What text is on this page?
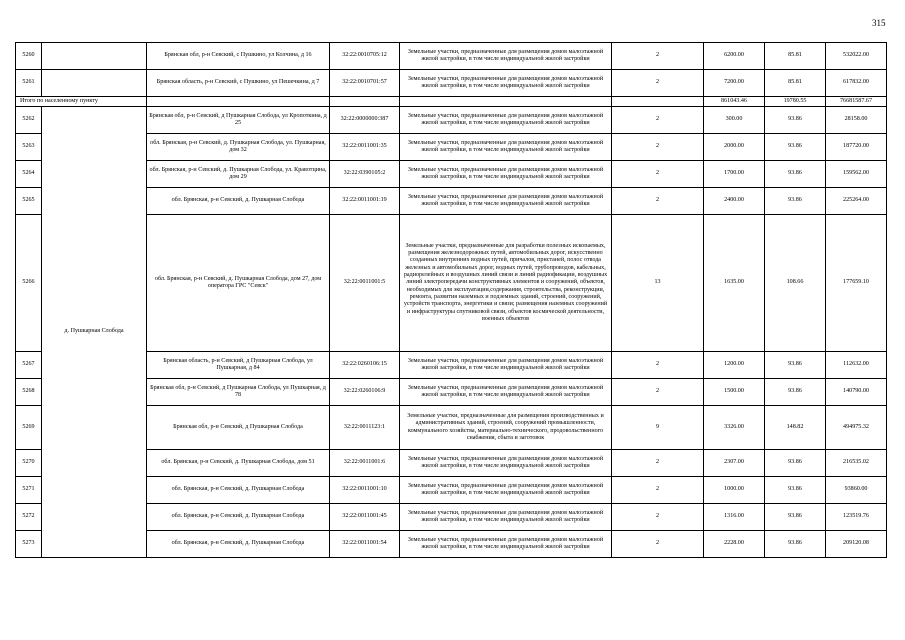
315
5260		Брянская обл, р-н Севский, с Пушкино, ул Колчина, д 16	32:22:0010705:12	Земельные участки, предназначенные для размещения домов малоэтажной жилой застройки, в том числе индивидуальной жилой застройки	2	6200.00	85.81	532022.00
5261		Брянская область, р-н Севский, с Пушкино, ул Пешечкина, д 7	32:22:0010701:57	Земельные участки, предназначенные для размещения домов малоэтажной жилой застройки, в том числе индивидуальной жилой застройки	2	7200.00	85.81	617832.00
Итого по населенному пункту						861043.46	19780.55	76681587.67
5262	д. Пушкарная Слобода	Брянская обл, р-н Севский, д Пушкарная Слобода, ул Кропоткина, д 25	32:22:0000000:387	Земельные участки, предназначенные для размещения домов малоэтажной жилой застройки, в том числе индивидуальной жилой застройки	2	300.00	93.86	28158.00
5263		обл. Брянская, р-н Севский, д. Пушкарная Слобода, ул. Пушкарная, дом 32	32:22:0011001:35	Земельные участки, предназначенные для размещения домов малоэтажной жилой застройки, в том числе индивидуальной жилой застройки	2	2000.00	93.86	187720.00
5264		обл. Брянская, р-н Севский, д. Пушкарная Слобода, ул. Кравотцина, дом 29	32:22:0390105:2	Земельные участки, предназначенные для размещения домов малоэтажной жилой застройки, в том числе индивидуальной жилой застройки	2	1700.00	93.86	159562.00
5265		обл. Брянская, р-н Севский, д. Пушкарная Слобода	32:22:0011001:19	Земельные участки, предназначенные для размещения домов малоэтажной жилой застройки, в том числе индивидуальной жилой застройки	2	2400.00	93.86	225264.00
5266		обл. Брянская, р-н Севский, д. Пушкарная Слобода, дом 27, дом оператора ГРС "Севск"	32:22:0011001:5	Земельные участки, предназначенные для разработки полезных ископаемых, размещения железнодорожных путей, автомобильных дорог, искусственно созданных внутренних водных путей, причалов, пристаней, полос отвода железных и автомобильных дорог, водных путей, трубопроводов, кабельных, радиорелейных и воздушных линий связи и линий радиофикации, воздушных линий электропередачи конструктивных элементов и сооружений, объектов, необходимых для эксплуатации,содержания, строительства, реконструкции, ремонта, развития наземных и подземных зданий, строений, сооружений, устройств транспорта, энергетики и связи; размещения наземных сооружений и инфраструктуры спутниковой связи, объектов космической деятельности, военных объектов	13	1635.00	108.66	177659.10
5267		Брянская область, р-н Севский, д Пушкарная Слобода, ул Пушкарная, д 84	32:22:0260106:15	Земельные участки, предназначенные для размещения домов малоэтажной жилой застройки, в том числе индивидуальной жилой застройки	2	1200.00	93.86	112632.00
5268		Брянская обл, р-н Севский, д Пушкарная Слобода, ул Пушкарная, д 78	32:22:0260106:9	Земельные участки, предназначенные для размещения домов малоэтажной жилой застройки, в том числе индивидуальной жилой застройки	2	1500.00	93.86	140790.00
5269		Брянская обл, р-н Севский, д Пушкарная Слобода	32:22:0011123:1	Земельные участки, предназначенные для размещения производственных и административных зданий, строений, сооружений промышленности, коммунального хозяйства, материально-технического, продовольственного снабжения, сбыта и заготовок	9	3326.00	148.82	494975.32
5270		обл. Брянская, р-н Севский, д. Пушкарная Слобода, дом 51	32:22:0011001:6	Земельные участки, предназначенные для размещения домов малоэтажной жилой застройки, в том числе индивидуальной жилой застройки	2	2307.00	93.86	216535.02
5271		обл. Брянская, р-н Севский, д. Пушкарная Слобода	32:22:0011001:10	Земельные участки, предназначенные для размещения домов малоэтажной жилой застройки, в том числе индивидуальной жилой застройки	2	1000.00	93.86	93860.00
5272		обл. Брянская, р-н Севский, д. Пушкарная Слобода	32:22:0011001:45	Земельные участки, предназначенные для размещения домов малоэтажной жилой застройки, в том числе индивидуальной жилой застройки	2	1316.00	93.86	123519.76
5273		обл. Брянская, р-н Севский, д. Пушкарная Слобода	32:22:0011001:54	Земельные участки, предназначенные для размещения домов малоэтажной жилой застройки, в том числе индивидуальной жилой застройки	2	2228.00	93.86	209120.08
